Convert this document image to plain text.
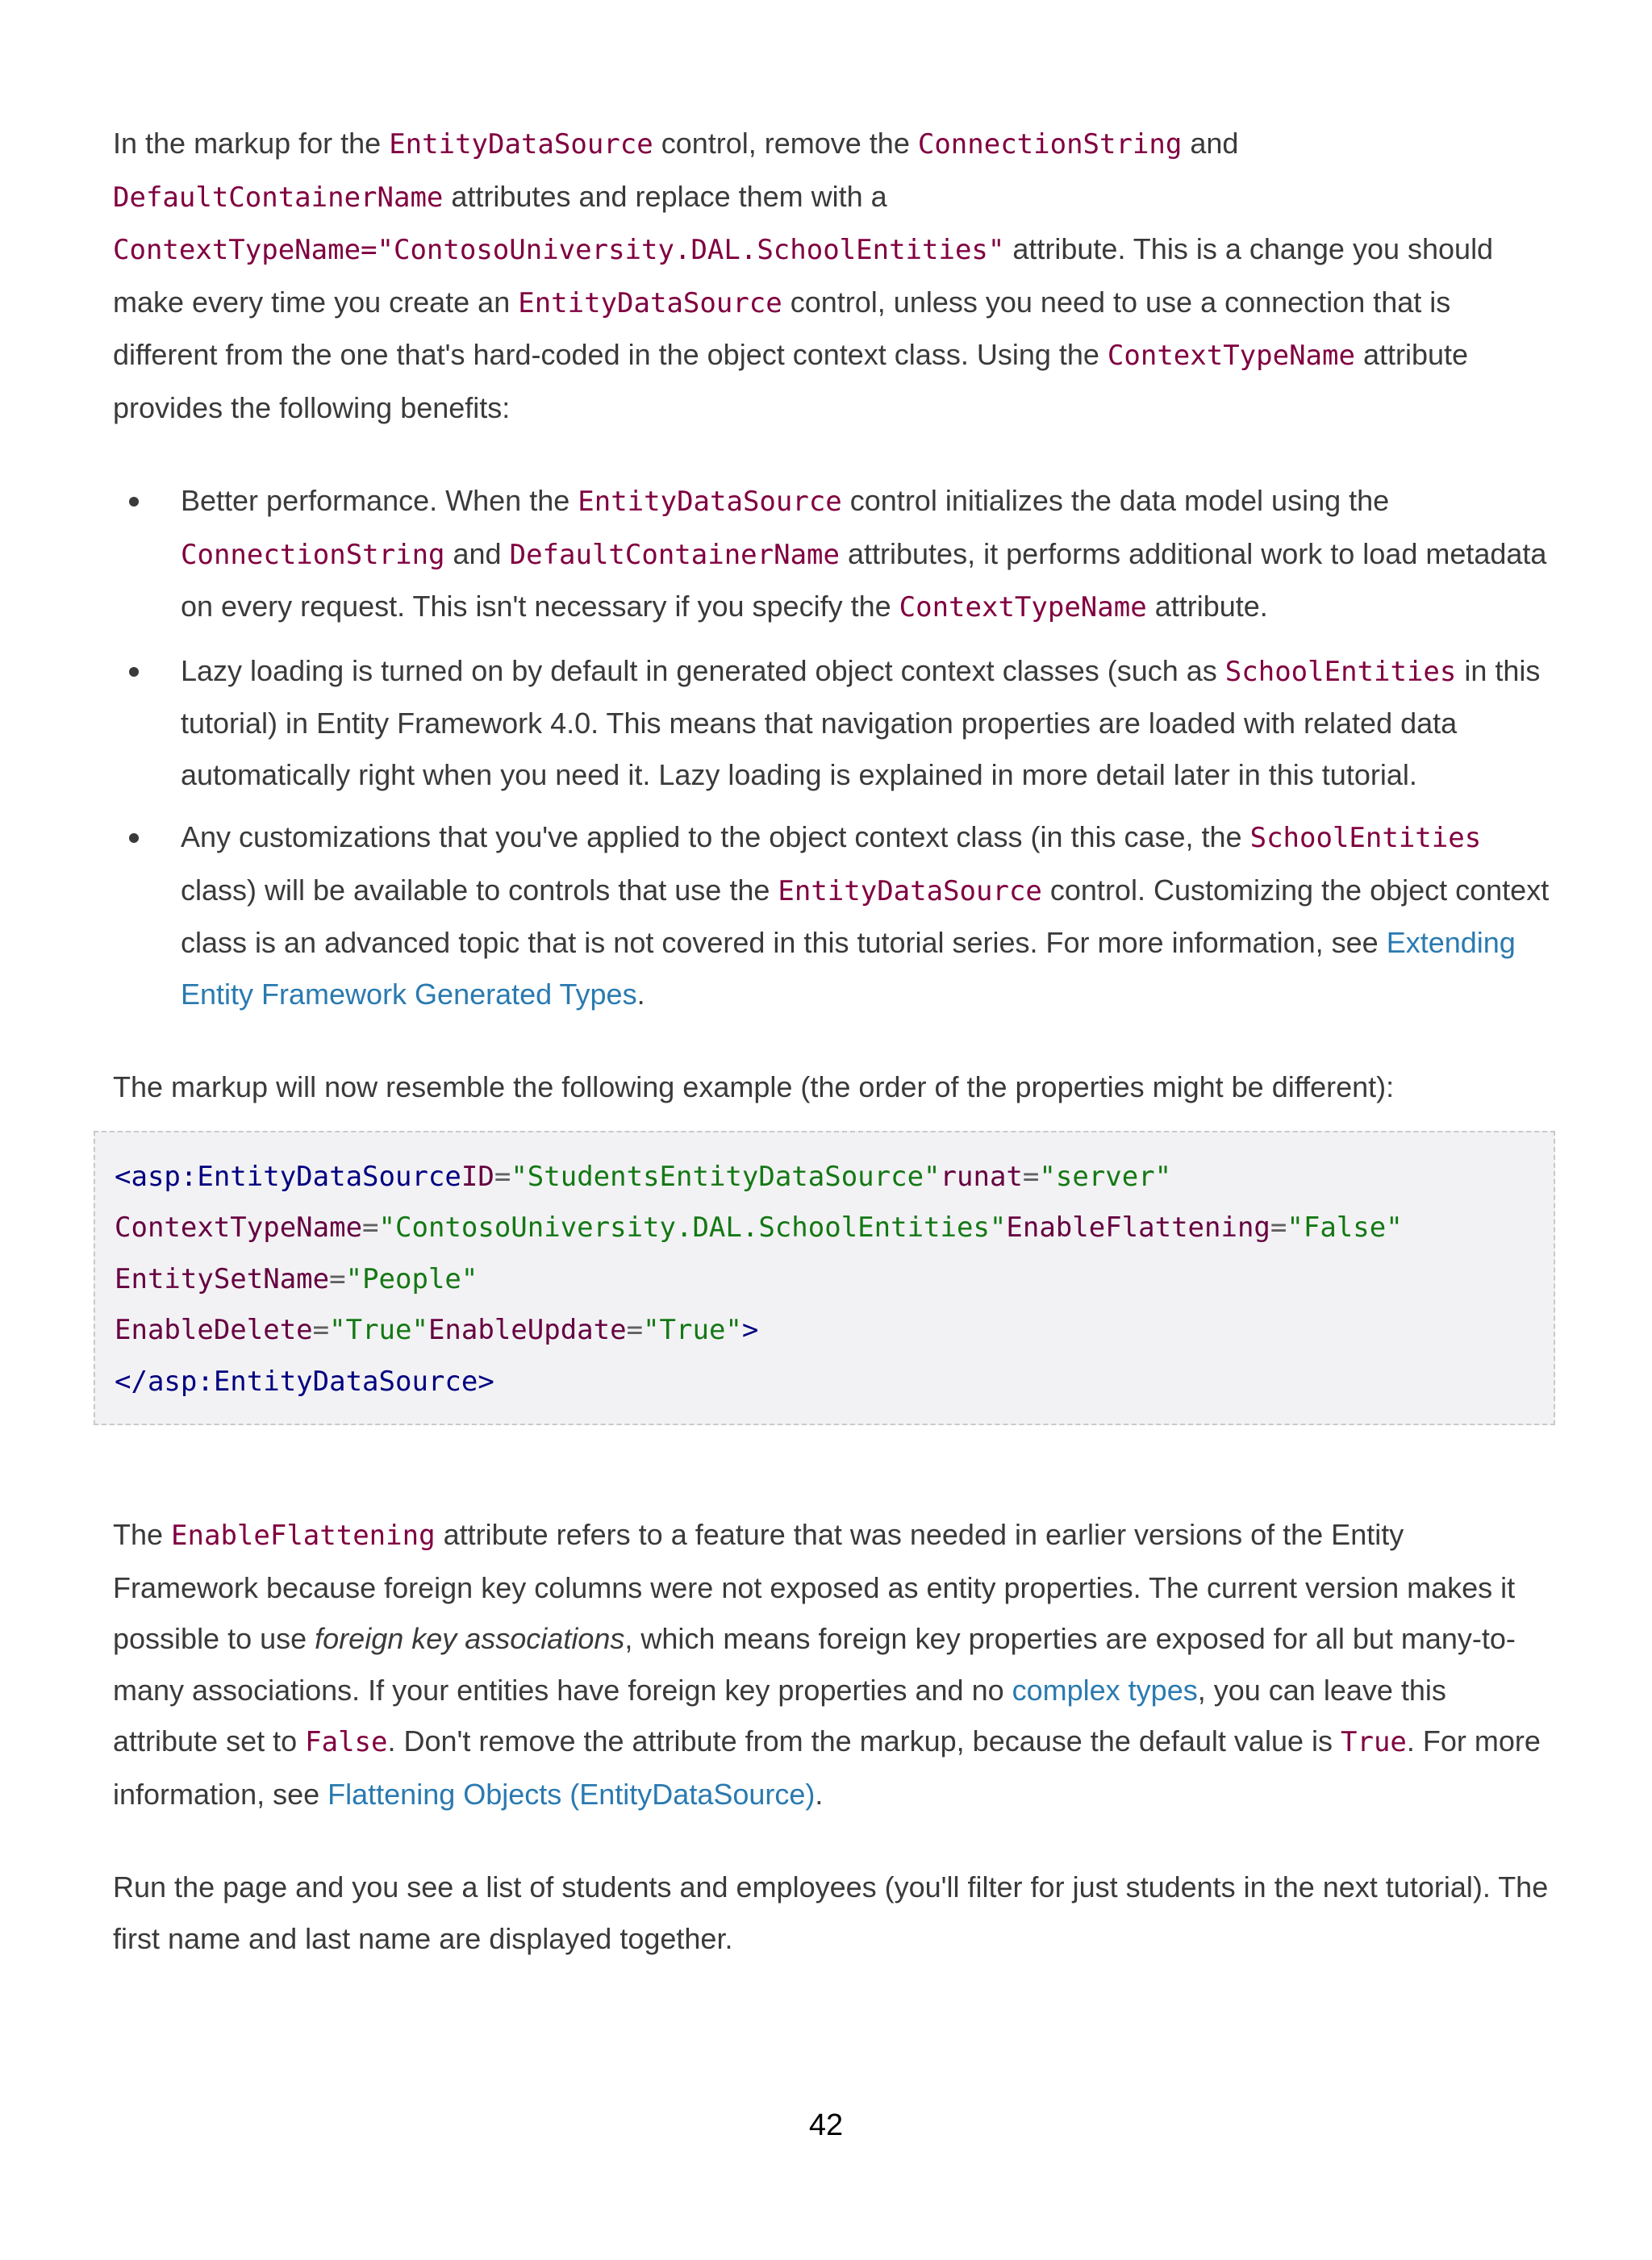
In the markup for the EntityDataSource control, remove the ConnectionString and DefaultContainerName attributes and replace them with a ContextTypeName="ContosoUniversity.DAL.SchoolEntities" attribute. This is a change you should make every time you create an EntityDataSource control, unless you need to use a connection that is different from the one that's hard-coded in the object context class. Using the ContextTypeName attribute provides the following benefits:

Better performance. When the EntityDataSource control initializes the data model using the ConnectionString and DefaultContainerName attributes, it performs additional work to load metadata on every request. This isn't necessary if you specify the ContextTypeName attribute.
Lazy loading is turned on by default in generated object context classes (such as SchoolEntities in this tutorial) in Entity Framework 4.0. This means that navigation properties are loaded with related data automatically right when you need it. Lazy loading is explained in more detail later in this tutorial.
Any customizations that you've applied to the object context class (in this case, the SchoolEntities class) will be available to controls that use the EntityDataSource control. Customizing the object context class is an advanced topic that is not covered in this tutorial series. For more information, see Extending Entity Framework Generated Types.

The markup will now resemble the following example (the order of the properties might be different):

<asp:EntityDataSourceID="StudentsEntityDataSource"runat="server"
ContextTypeName="ContosoUniversity.DAL.SchoolEntities"EnableFlattening="False"
EntitySetName="People"
EnableDelete="True"EnableUpdate="True">
</asp:EntityDataSource>

The EnableFlattening attribute refers to a feature that was needed in earlier versions of the Entity Framework because foreign key columns were not exposed as entity properties. The current version makes it possible to use foreign key associations, which means foreign key properties are exposed for all but many-to-many associations. If your entities have foreign key properties and no complex types, you can leave this attribute set to False. Don't remove the attribute from the markup, because the default value is True. For more information, see Flattening Objects (EntityDataSource).

Run the page and you see a list of students and employees (you'll filter for just students in the next tutorial). The first name and last name are displayed together.

42
